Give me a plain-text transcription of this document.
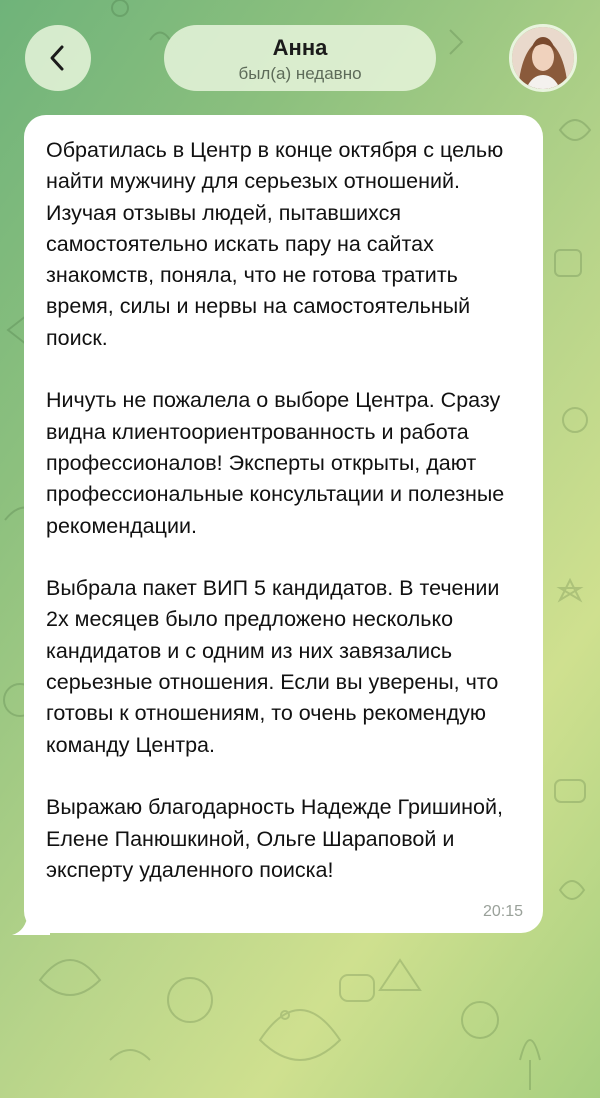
Анна
был(а) недавно

Обратилась в Центр в конце октября с целью найти мужчину для серьезых отношений. Изучая отзывы людей, пытавшихся самостоятельно искать пару на сайтах знакомств, поняла, что не готова тратить время, силы и нервы на самостоятельный поиск.

Ничуть не пожалела о выборе Центра. Сразу видна клиентоориентрованность и работа профессионалов! Эксперты открыты, дают профессиональные консультации и полезные рекомендации.

Выбрала пакет ВИП 5 кандидатов. В течении 2х месяцев было предложено несколько кандидатов и с одним из них завязались серьезные отношения. Если вы уверены, что готовы к отношениям, то очень рекомендую команду Центра.

Выражаю благодарность Надежде Гришиной, Елене Панюшкиной, Ольге Шараповой и эксперту удаленного поиска!

20:15
